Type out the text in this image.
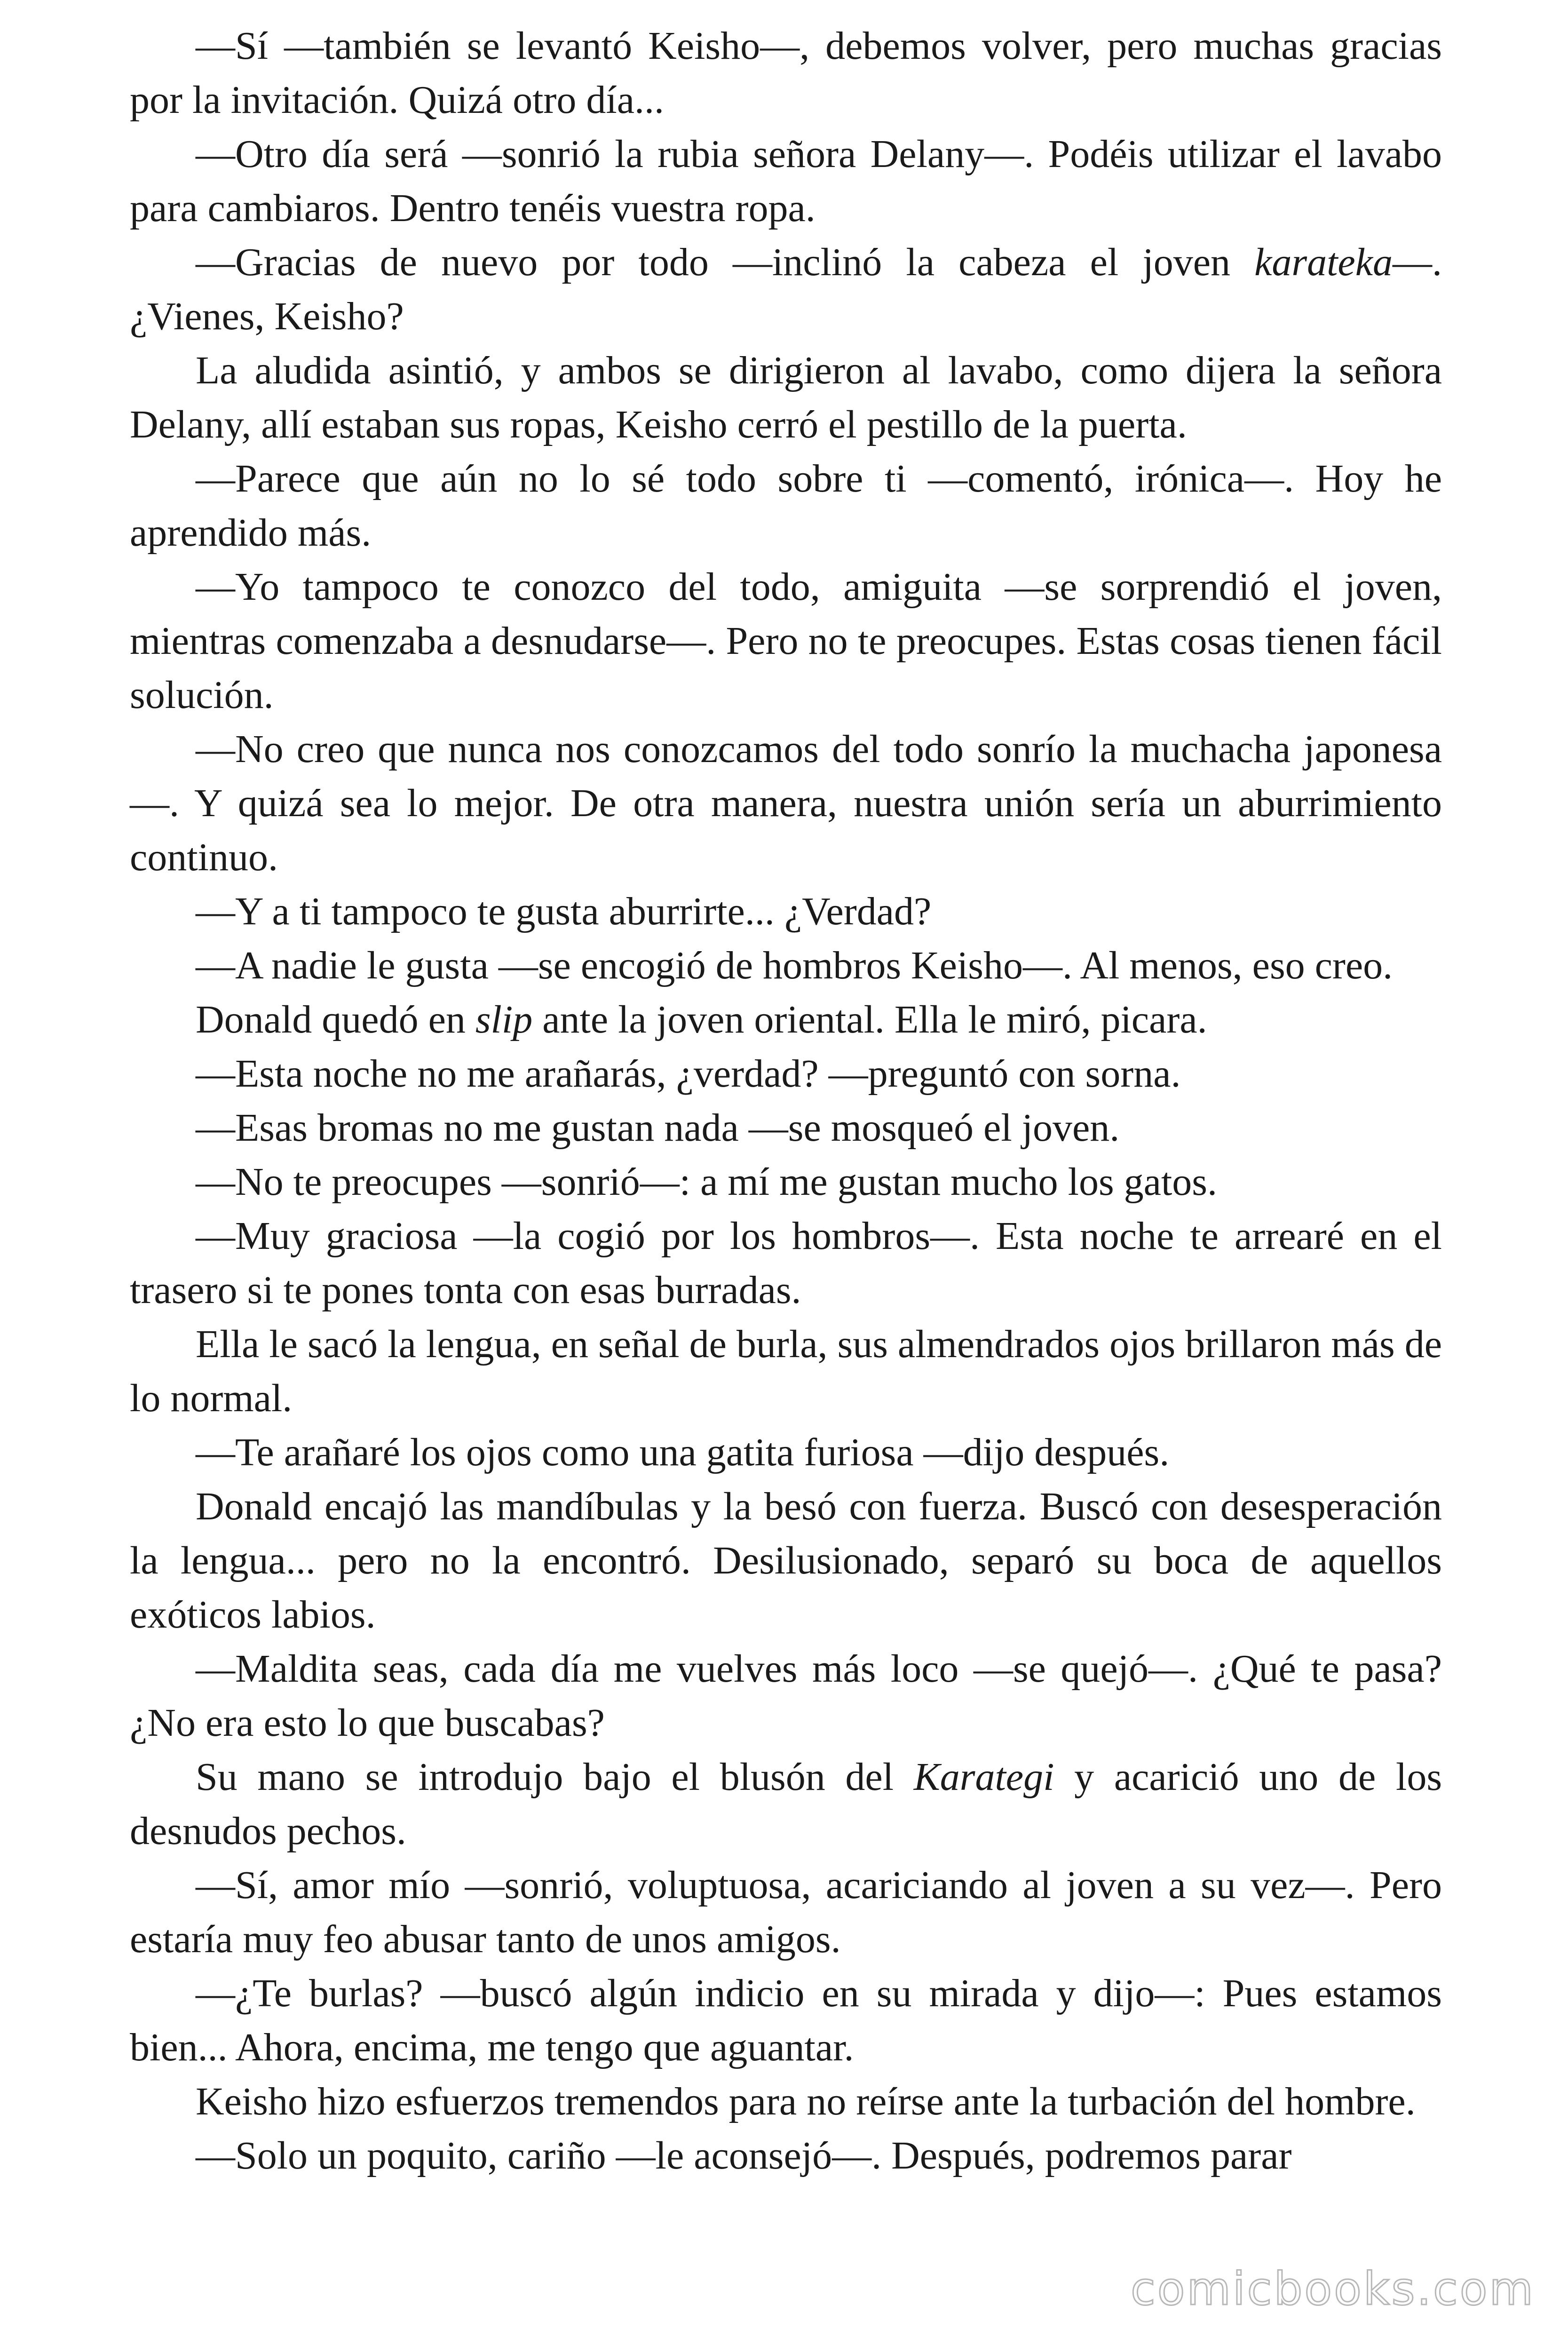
—Sí —también se levantó Keisho—, debemos volver, pero muchas gracias por la invitación. Quizá otro día...

—Otro día será —sonrió la rubia señora Delany—. Podéis utilizar el lavabo para cambiaros. Dentro tenéis vuestra ropa.

—Gracias de nuevo por todo —inclinó la cabeza el joven karateka—. ¿Vienes, Keisho?

La aludida asintió, y ambos se dirigieron al lavabo, como dijera la señora Delany, allí estaban sus ropas, Keisho cerró el pestillo de la puerta.

—Parece que aún no lo sé todo sobre ti —comentó, irónica—. Hoy he aprendido más.

—Yo tampoco te conozco del todo, amiguita —se sorprendió el joven, mientras comenzaba a desnudarse—. Pero no te preocupes. Estas cosas tienen fácil solución.

—No creo que nunca nos conozcamos del todo sonrío la muchacha japonesa—. Y quizá sea lo mejor. De otra manera, nuestra unión sería un aburrimiento continuo.

—Y a ti tampoco te gusta aburrirte... ¿Verdad?

—A nadie le gusta —se encogió de hombros Keisho—. Al menos, eso creo.

Donald quedó en slip ante la joven oriental. Ella le miró, picara.

—Esta noche no me arañarás, ¿verdad? —preguntó con sorna.

—Esas bromas no me gustan nada —se mosqueó el joven.

—No te preocupes —sonrió—: a mí me gustan mucho los gatos.

—Muy graciosa —la cogió por los hombros—. Esta noche te arrearé en el trasero si te pones tonta con esas burradas.

Ella le sacó la lengua, en señal de burla, sus almendrados ojos brillaron más de lo normal.

—Te arañaré los ojos como una gatita furiosa —dijo después.

Donald encajó las mandíbulas y la besó con fuerza. Buscó con desesperación la lengua... pero no la encontró. Desilusionado, separó su boca de aquellos exóticos labios.

—Maldita seas, cada día me vuelves más loco —se quejó—. ¿Qué te pasa? ¿No era esto lo que buscabas?

Su mano se introdujo bajo el blusón del Karategi y acarició uno de los desnudos pechos.

—Sí, amor mío —sonrió, voluptuosa, acariciando al joven a su vez—. Pero estaría muy feo abusar tanto de unos amigos.

—¿Te burlas? —buscó algún indicio en su mirada y dijo—: Pues estamos bien... Ahora, encima, me tengo que aguantar.

Keisho hizo esfuerzos tremendos para no reírse ante la turbación del hombre.

—Solo un poquito, cariño —le aconsejó—. Después, podremos parar

comicbooks.com
